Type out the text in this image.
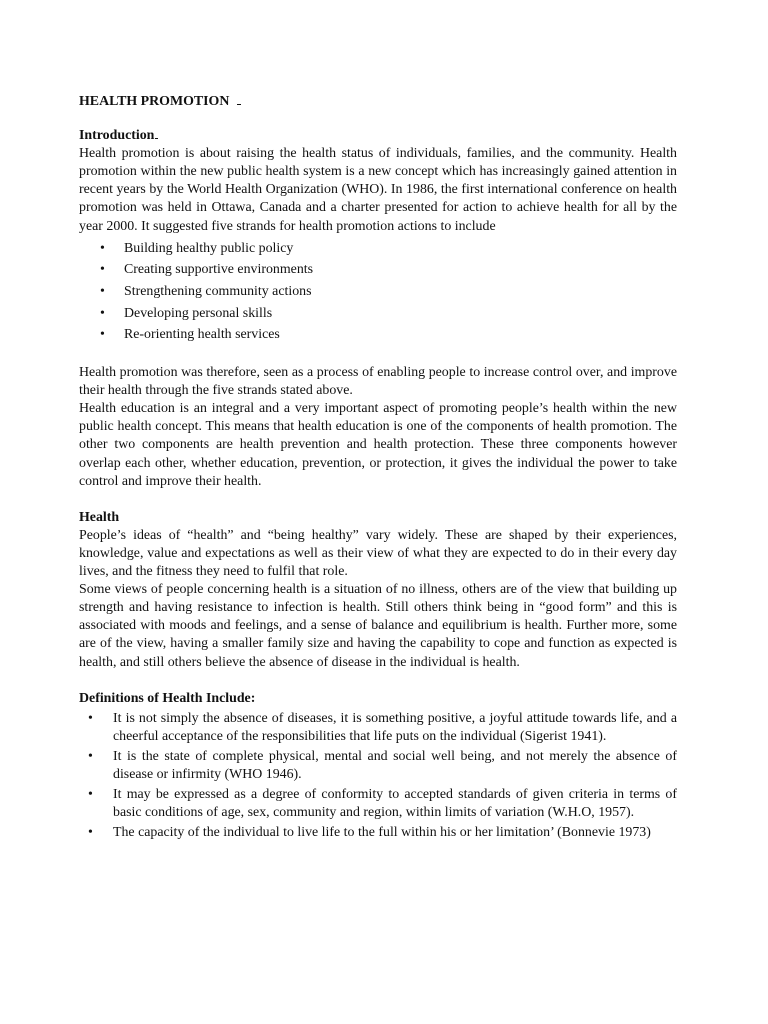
HEALTH PROMOTION
Introduction

Health promotion is about raising the health status of individuals, families, and the community. Health promotion within the new public health system is a new concept which has increasingly gained attention in recent years by the World Health Organization (WHO). In 1986, the first international conference on health promotion was held in Ottawa, Canada and a charter presented for action to achieve health for all by the year 2000. It suggested five strands for health promotion actions to include

• Building healthy public policy
• Creating supportive environments
• Strengthening community actions
• Developing personal skills
• Re-orienting health services

Health promotion was therefore, seen as a process of enabling people to increase control over, and improve their health through the five strands stated above.

Health education is an integral and a very important aspect of promoting people’s health within the new public health concept. This means that health education is one of the components of health promotion. The other two components are health prevention and health protection. These three components however overlap each other, whether education, prevention, or protection, it gives the individual the power to take control and improve their health.

Health

People’s ideas of “health” and “being healthy” vary widely. These are shaped by their experiences, knowledge, value and expectations as well as their view of what they are expected to do in their every day lives, and the fitness they need to fulfil that role.

Some views of people concerning health is a situation of no illness, others are of the view that building up strength and having resistance to infection is health. Still others think being in “good form” and this is associated with moods and feelings, and a sense of balance and equilibrium is health. Further more, some are of the view, having a smaller family size and having the capability to cope and function as expected is health, and still others believe the absence of disease in the individual is health.

Definitions of Health Include:
• It is not simply the absence of diseases, it is something positive, a joyful attitude towards life, and a cheerful acceptance of the responsibilities that life puts on the individual (Sigerist 1941).
• It is the state of complete physical, mental and social well being, and not merely the absence of disease or infirmity (WHO 1946).
• It may be expressed as a degree of conformity to accepted standards of given criteria in terms of basic conditions of age, sex, community and region, within limits of variation (W.H.O, 1957).
• The capacity of the individual to live life to the full within his or her limitation’ (Bonnevie 1973)
